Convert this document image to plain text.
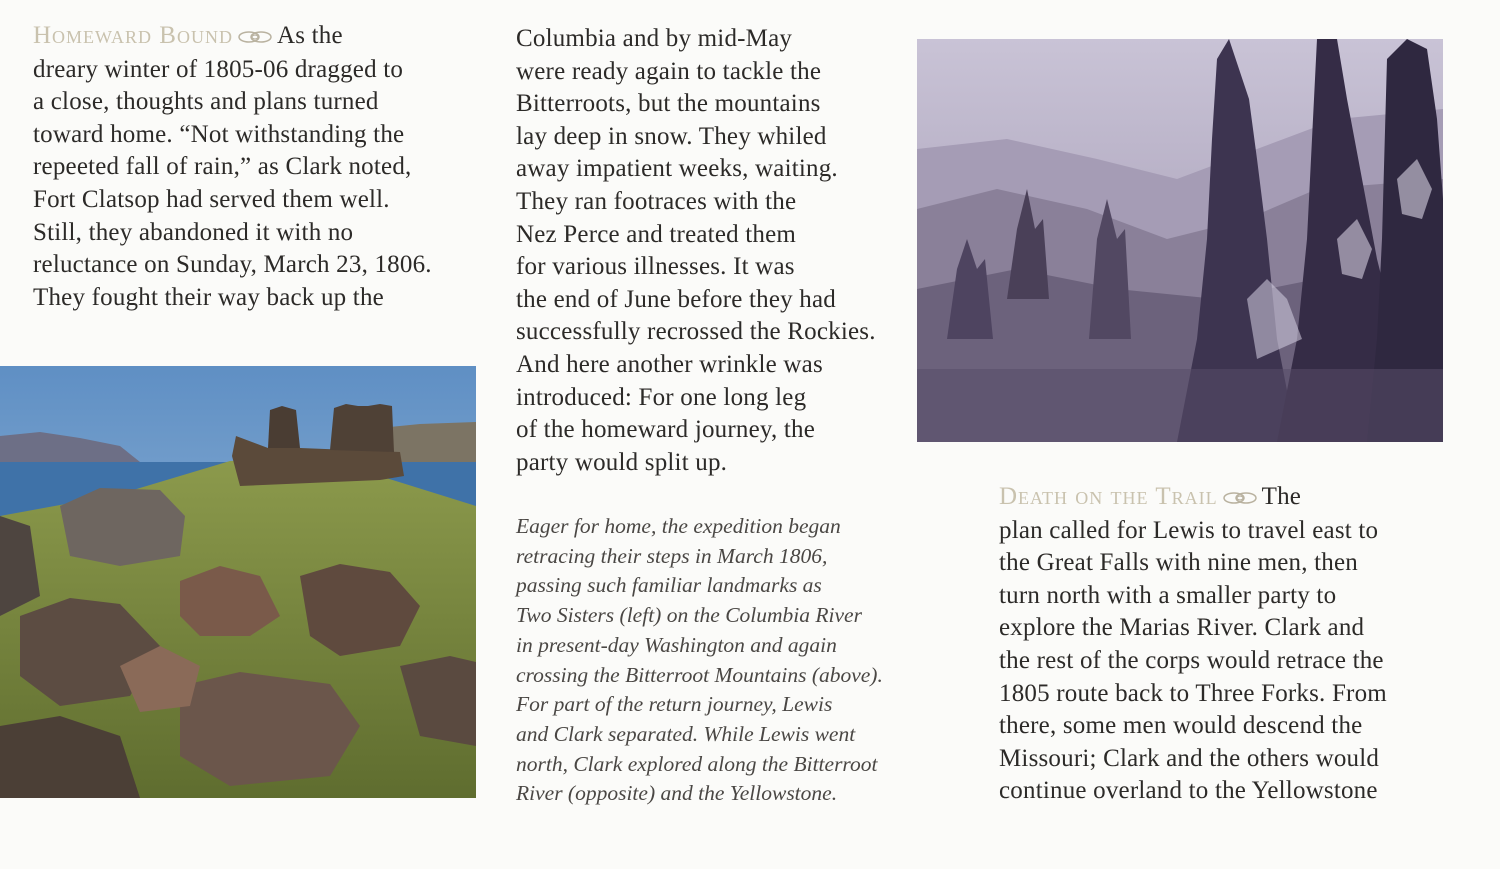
Homeward Bound As the
dreary winter of 1805-06 dragged to
a close, thoughts and plans turned
toward home. “Not withstanding the
repeeted fall of rain,” as Clark noted,
Fort Clatsop had served them well.
Still, they abandoned it with no
reluctance on Sunday, March 23, 1806.
They fought their way back up the
Columbia and by mid-May
were ready again to tackle the
Bitterroots, but the mountains
lay deep in snow. They whiled
away impatient weeks, waiting.
They ran footraces with the
Nez Perce and treated them
for various illnesses. It was
the end of June before they had
successfully recrossed the Rockies.
And here another wrinkle was
introduced: For one long leg
of the homeward journey, the
party would split up.
Eager for home, the expedition began
retracing their steps in March 1806,
passing such familiar landmarks as
Two Sisters (left) on the Columbia River
in present-day Washington and again
crossing the Bitterroot Mountains (above).
For part of the return journey, Lewis
and Clark separated. While Lewis went
north, Clark explored along the Bitterroot
River (opposite) and the Yellowstone.
Death on the Trail The
plan called for Lewis to travel east to
the Great Falls with nine men, then
turn north with a smaller party to
explore the Marias River. Clark and
the rest of the corps would retrace the
1805 route back to Three Forks. From
there, some men would descend the
Missouri; Clark and the others would
continue overland to the Yellowstone
